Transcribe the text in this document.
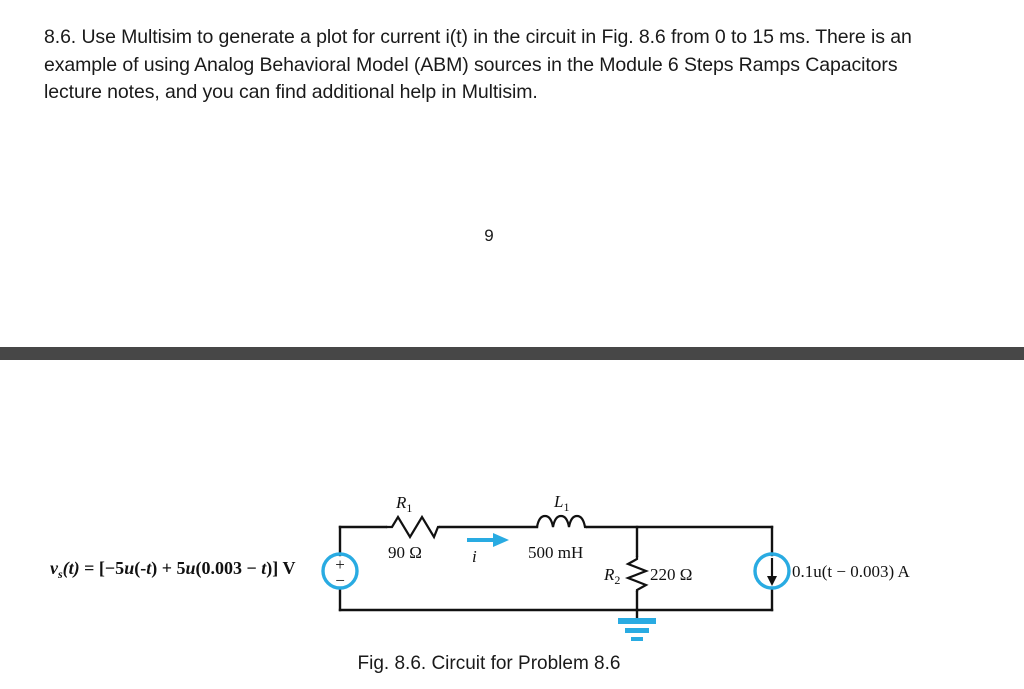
8.6. Use Multisim to generate a plot for current i(t) in the circuit in Fig. 8.6 from 0 to 15 ms. There is an example of using Analog Behavioral Model (ABM) sources in the Module 6 Steps Ramps Capacitors lecture notes, and you can find additional help in Multisim.
9
$v_s(t) = [-5u(-t) + 5u(0.003 - t)]$ V
$R_1$
90 Ω	i
$L_1$
500 mH
$R_2$ 220 Ω
+
−	0.1u(t − 0.003) A
Fig. 8.6. Circuit for Problem 8.6
